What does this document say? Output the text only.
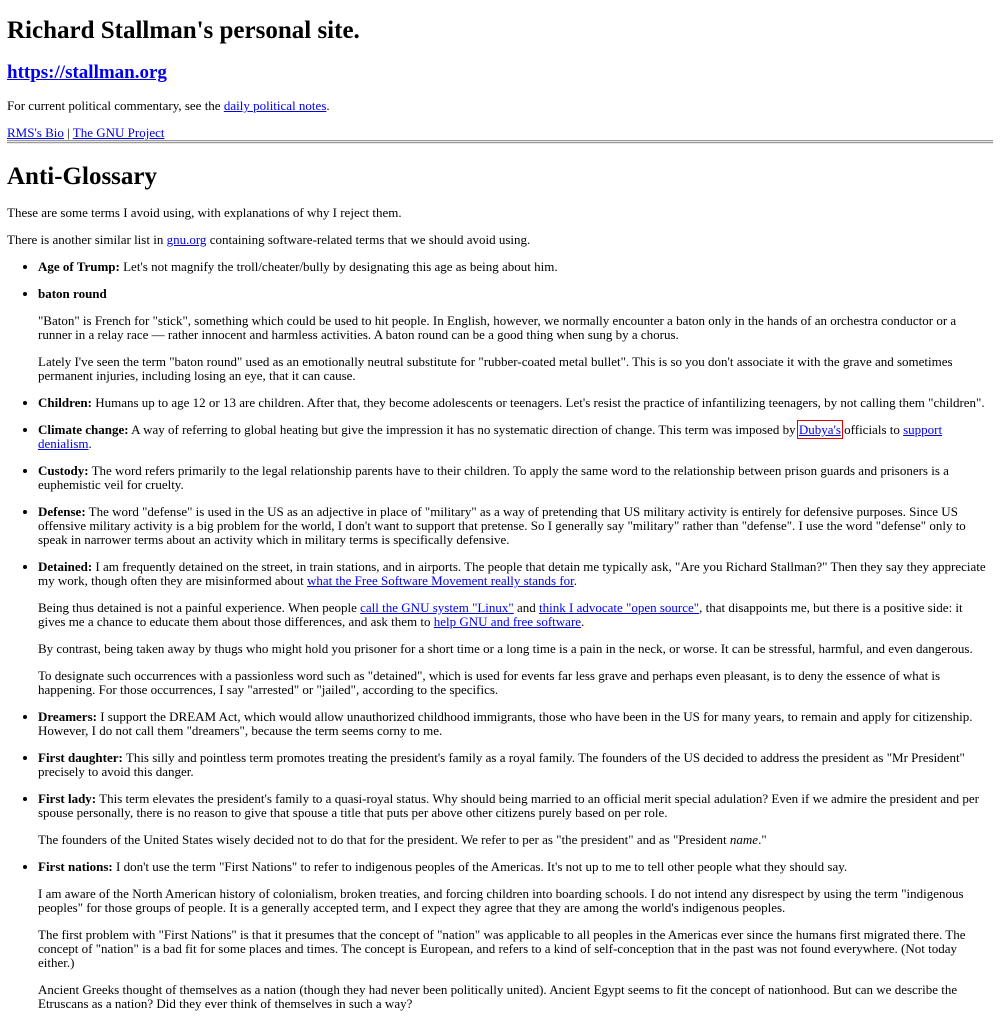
Richard Stallman's personal site.
https://stallman.org

For current political commentary, see the daily political notes.

RMS's Bio | The GNU Project

Anti-Glossary

These are some terms I avoid using, with explanations of why I reject them.

There is another similar list in gnu.org containing software-related terms that we should avoid using.

• Age of Trump: Let's not magnify the troll/cheater/bully by designating this age as being about him.

• baton round

"Baton" is French for "stick", something which could be used to hit people. In English, however, we normally encounter a baton only in the hands of an orchestra conductor or a runner in a relay race — rather innocent and harmless activities. A baton round can be a good thing when sung by a chorus.

Lately I've seen the term "baton round" used as an emotionally neutral substitute for "rubber-coated metal bullet". This is so you don't associate it with the grave and sometimes permanent injuries, including losing an eye, that it can cause.

• Children: Humans up to age 12 or 13 are children. After that, they become adolescents or teenagers. Let's resist the practice of infantilizing teenagers, by not calling them "children".
• Climate change: A way of referring to global heating but give the impression it has no systematic direction of change. This term was imposed by Dubya's officials to support denialism.
• Custody: The word refers primarily to the legal relationship parents have to their children. To apply the same word to the relationship between prison guards and prisoners is a euphemistic veil for cruelty.
• Defense: The word "defense" is used in the US as an adjective in place of "military" as a way of pretending that US military activity is entirely for defensive purposes. Since US offensive military activity is a big problem for the world, I don't want to support that pretense. So I generally say "military" rather than "defense". I use the word "defense" only to speak in narrower terms about an activity which in military terms is specifically defensive.

• Detained: I am frequently detained on the street, in train stations, and in airports. The people that detain me typically ask, "Are you Richard Stallman?" Then they say they appreciate my work, though often they are misinformed about what the Free Software Movement really stands for.

Being thus detained is not a painful experience. When people call the GNU system "Linux" and think I advocate "open source", that disappoints me, but there is a positive side: it gives me a chance to educate them about those differences, and ask them to help GNU and free software.

By contrast, being taken away by thugs who might hold you prisoner for a short time or a long time is a pain in the neck, or worse. It can be stressful, harmful, and even dangerous.

To designate such occurrences with a passionless word such as "detained", which is used for events far less grave and perhaps even pleasant, is to deny the essence of what is happening. For those occurrences, I say "arrested" or "jailed", according to the specifics.

• Dreamers: I support the DREAM Act, which would allow unauthorized childhood immigrants, those who have been in the US for many years, to remain and apply for citizenship. However, I do not call them "dreamers", because the term seems corny to me.
• First daughter: This silly and pointless term promotes treating the president's family as a royal family. The founders of the US decided to address the president as "Mr President" precisely to avoid this danger.

• First lady: This term elevates the president's family to a quasi-royal status. Why should being married to an official merit special adulation? Even if we admire the president and per spouse personally, there is no reason to give that spouse a title that puts per above other citizens purely based on per role.

The founders of the United States wisely decided not to do that for the president. We refer to per as "the president" and as "President name."

• First nations: I don't use the term "First Nations" to refer to indigenous peoples of the Americas. It's not up to me to tell other people what they should say.

I am aware of the North American history of colonialism, broken treaties, and forcing children into boarding schools. I do not intend any disrespect by using the term "indigenous peoples" for those groups of people. It is a generally accepted term, and I expect they agree that they are among the world's indigenous peoples.

The first problem with "First Nations" is that it presumes that the concept of "nation" was applicable to all peoples in the Americas ever since the humans first migrated there. The concept of "nation" is a bad fit for some places and times. The concept is European, and refers to a kind of self-conception that in the past was not found everywhere. (Not today either.)

Ancient Greeks thought of themselves as a nation (though they had never been politically united). Ancient Egypt seems to fit the concept of nationhood. But can we describe the Etruscans as a nation? Did they ever think of themselves in such a way?
